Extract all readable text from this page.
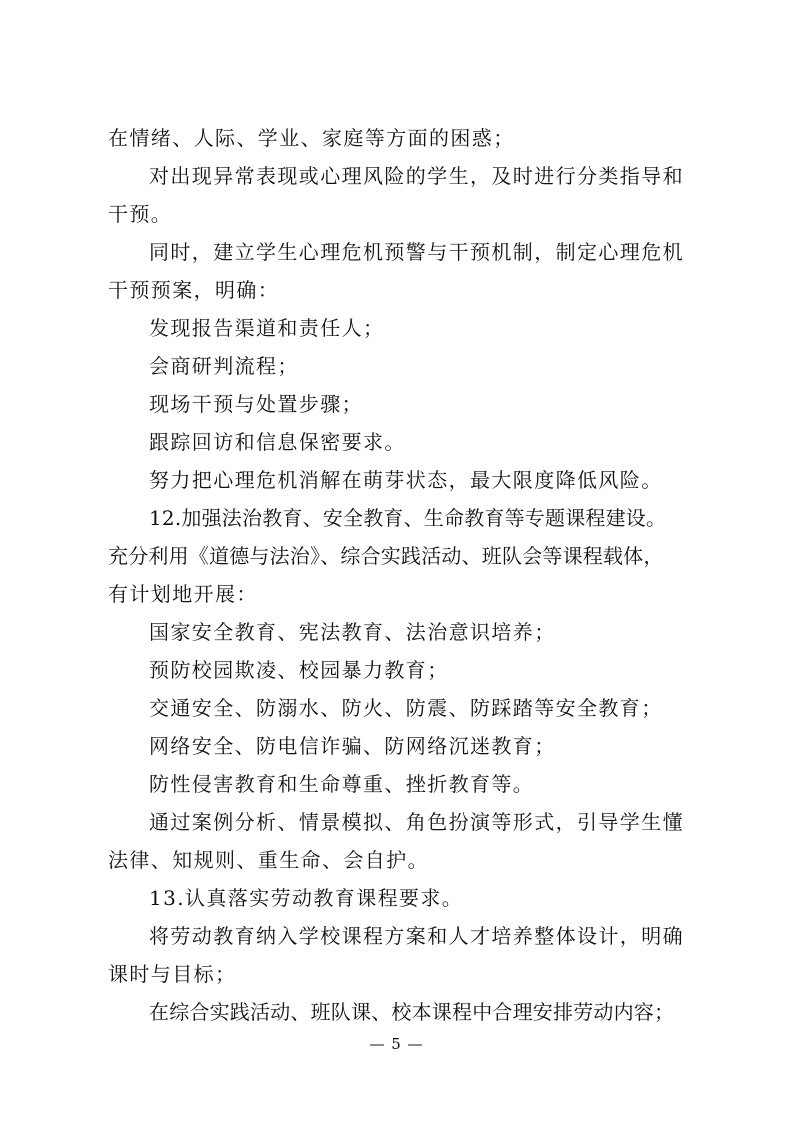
在情绪、人际、学业、家庭等方面的困惑；
对出现异常表现或心理风险的学生，及时进行分类指导和
干预。
同时，建立学生心理危机预警与干预机制，制定心理危机
干预预案，明确：
发现报告渠道和责任人；
会商研判流程；
现场干预与处置步骤；
跟踪回访和信息保密要求。
努力把心理危机消解在萌芽状态，最大限度降低风险。
12.加强法治教育、安全教育、生命教育等专题课程建设。
充分利用《道德与法治》、综合实践活动、班队会等课程载体，
有计划地开展：
国家安全教育、宪法教育、法治意识培养；
预防校园欺凌、校园暴力教育；
交通安全、防溺水、防火、防震、防踩踏等安全教育；
网络安全、防电信诈骗、防网络沉迷教育；
防性侵害教育和生命尊重、挫折教育等。
通过案例分析、情景模拟、角色扮演等形式，引导学生懂
法律、知规则、重生命、会自护。
13.认真落实劳动教育课程要求。
将劳动教育纳入学校课程方案和人才培养整体设计，明确
课时与目标；
在综合实践活动、班队课、校本课程中合理安排劳动内容；
— 5 —
